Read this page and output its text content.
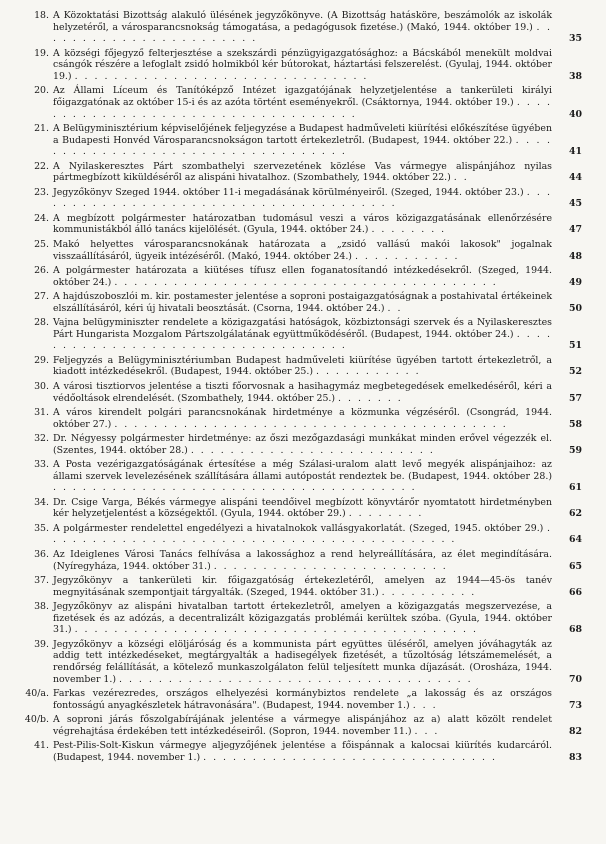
18. A Közoktatási Bizottság alakuló ülésének jegyzőkönyve. (A Bizottság hatásköre, beszámolók az iskolák helyzetéről, a városparancsnokság támogatása, a pedagógusok fizetése.) (Makó, 1944. október 19.) . . . . . . . . . . . . . . . . . . . . . . .	35
19. A községi főjegyző felterjesztése a szekszárdi pénzügyigazgatósághoz: a Bácskából menekült moldvai csángók részére a lefoglalt zsidó holmikból kér bútorokat, háztartási felszerelést. (Gyulaj, 1944. október 19.) . . . . . . . . . . . . . . . . . . . . . . . . . . . . . .	38
20. Az Állami Líceum és Tanítóképző Intézet igazgatójának helyzetjelentése a tankerületi királyi főigazgatónak az október 15-i és az azóta történt eseményekről. (Csáktornya, 1944. október 19.) . . . . . . . . . . . . . . . . . . . . . . . . . . . . . . . . . . .	40
21. A Belügyminisztérium képviselőjének feljegyzése a Budapest hadműveleti kiürítési előkészítése ügyében a Budapesti Honvéd Városparancsnokságon tartott értekezletről. (Budapest, 1944. október 22.) . . . . . . . . . . . . . . . . . . . . . . . . . . . . . . . . . .	41
22. A Nyilaskeresztes Párt szombathelyi szervezetének közlése Vas vármegye alispánjához nyilas pártmegbízott kiküldéséről az alispáni hivatalhoz. (Szombathely, 1944. október 22.) . .	44
23. Jegyzőkönyv Szeged 1944. október 11-i megadásának körülményeiről. (Szeged, 1944. október 23.) . . . . . . . . . . . . . . . . . . . . . . . . . . . . . . . . . . . . . .	45
24. A megbízott polgármester határozatban tudomásul veszi a város közigazgatásának ellenőrzésére kommunistákból álló tanács kijelölését. (Gyula, 1944. október 24.) . . . . . . . .	47
25. Makó helyettes városparancsnokának határozata a „zsidó vallású makói lakosok" jogalnak visszaállításáról, ügyeik intézéséről. (Makó, 1944. október 24.) . . . . . . . . . . .	48
26. A polgármester határozata a kiütéses tífusz ellen foganatosítandó intézkedésekről. (Szeged, 1944. október 24.) . . . . . . . . . . . . . . . . . . . . . . . . . . . . . . . . . . . . . . .	49
27. A hajdúszoboszlói m. kir. postamester jelentése a soproni postaigazgatóságnak a postahivatal értékeinek elszállításáról, kéri új hivatali beosztását. (Csorna, 1944. október 24.) . .	50
28. Vajna belügyminiszter rendelete a közigazgatási hatóságok, közbiztonsági szervek és a Nyilaskeresztes Párt Hungarista Mozgalom Pártszolgálatának együttműködéséről. (Budapest, 1944. október 24.) . . . . . . . . . . . . . . . . . . . . . . . . . . . . . . . . . .	51
29. Feljegyzés a Belügyminisztériumban Budapest hadműveleti kiürítése ügyében tartott értekezletről, a kiadott intézkedésekről. (Budapest, 1944. október 25.) . . . . . . . . . . .	52
30. A városi tisztiorvos jelentése a tiszti főorvosnak a hasihagymáz megbetegedések emelkedéséről, kéri a védőoltások elrendelését. (Szombathely, 1944. október 25.) . . . . . . .	57
31. A város kirendelt polgári parancsnokának hirdetménye a közmunka végzéséről. (Csongrád, 1944. október 27.) . . . . . . . . . . . . . . . . . . . . . . . . . . . . . . . . . . . . . . . .	58
32. Dr. Négyessy polgármester hirdetménye: az őszi mezőgazdasági munkákat minden erővel végezzék el. (Szentes, 1944. október 28.) . . . . . . . . . . . . . . . . . . . . . . . . .	59
33. A Posta vezérigazgatóságának értesítése a még Szálasi-uralom alatt levő megyék alispánjaihoz: az állami szervek levelezésének szállítására állami autópostát rendeztek be. (Budapest, 1944. október 28.) . . . . . . . . . . . . . . . . . . . . . . . . . . . . . . . . . . . . .	61
34. Dr. Csige Varga, Békés vármegye alispáni teendőivel megbízott könyvtárőr nyomtatott hirdetményben kér helyzetjelentést a községektől. (Gyula, 1944. október 29.) . . . . . . . .	62
35. A polgármester rendelettel engedélyezi a hivatalnokok vallásgyakorlatát. (Szeged, 1945. október 29.) . . . . . . . . . . . . . . . . . . . . . . . . . . . . . . . . . . . . . . . . . .	64
36. Az Ideiglenes Városi Tanács felhívása a lakossághoz a rend helyreállítására, az élet megindítására. (Nyíregyháza, 1944. október 31.) . . . . . . . . . . . . . . . . . . . . . . . .	65
37. Jegyzőkönyv a tankerületi kir. főigazgatóság értekezletéről, amelyen az 1944—45-ös tanév megnyitásának szempontjait tárgyalták. (Szeged, 1944. október 31.) . . . . . . . . . .	66
38. Jegyzőkönyv az alispáni hivatalban tartott értekezletről, amelyen a közigazgatás megszervezése, a fizetések és az adózás, a decentralizált közigazgatás problémái kerültek szóba. (Gyula, 1944. október 31.) . . . . . . . . . . . . . . . . . . . . . . . . . . . . . . . . . . . . . . . . .	68
39. Jegyzőkönyv a községi elöljáróság és a kommunista párt együttes üléséről, amelyen jóváhagyták az addig tett intézkedéseket, megtárgyalták a hadisegélyek fizetését, a tűzoltóság létszámemelését, a rendőrség felállítását, a kötelező munkaszolgálaton felül teljesített munka díjazását. (Orosháza, 1944. november 1.) . . . . . . . . . . . . . . . . . . . . . . . . . . . . . . . . . . . .	70
40/a. Farkas vezérezredes, országos elhelyezési kormánybiztos rendelete „a lakosság és az országos fontosságú anyagkészletek hátravonására". (Budapest, 1944. november 1.) . . .	73
40/b. A soproni járás főszolgabírájának jelentése a vármegye alispánjához az a) alatt közölt rendelet végrehajtása érdekében tett intézkedéseiről. (Sopron, 1944. november 11.) . . .	82
41. Pest-Pilis-Solt-Kiskun vármegye aljegyzőjének jelentése a főispánnak a kalocsai kiürítés kudarcáról. (Budapest, 1944. november 1.) . . . . . . . . . . . . . . . . . . . . . . . . . . . . . .	83
